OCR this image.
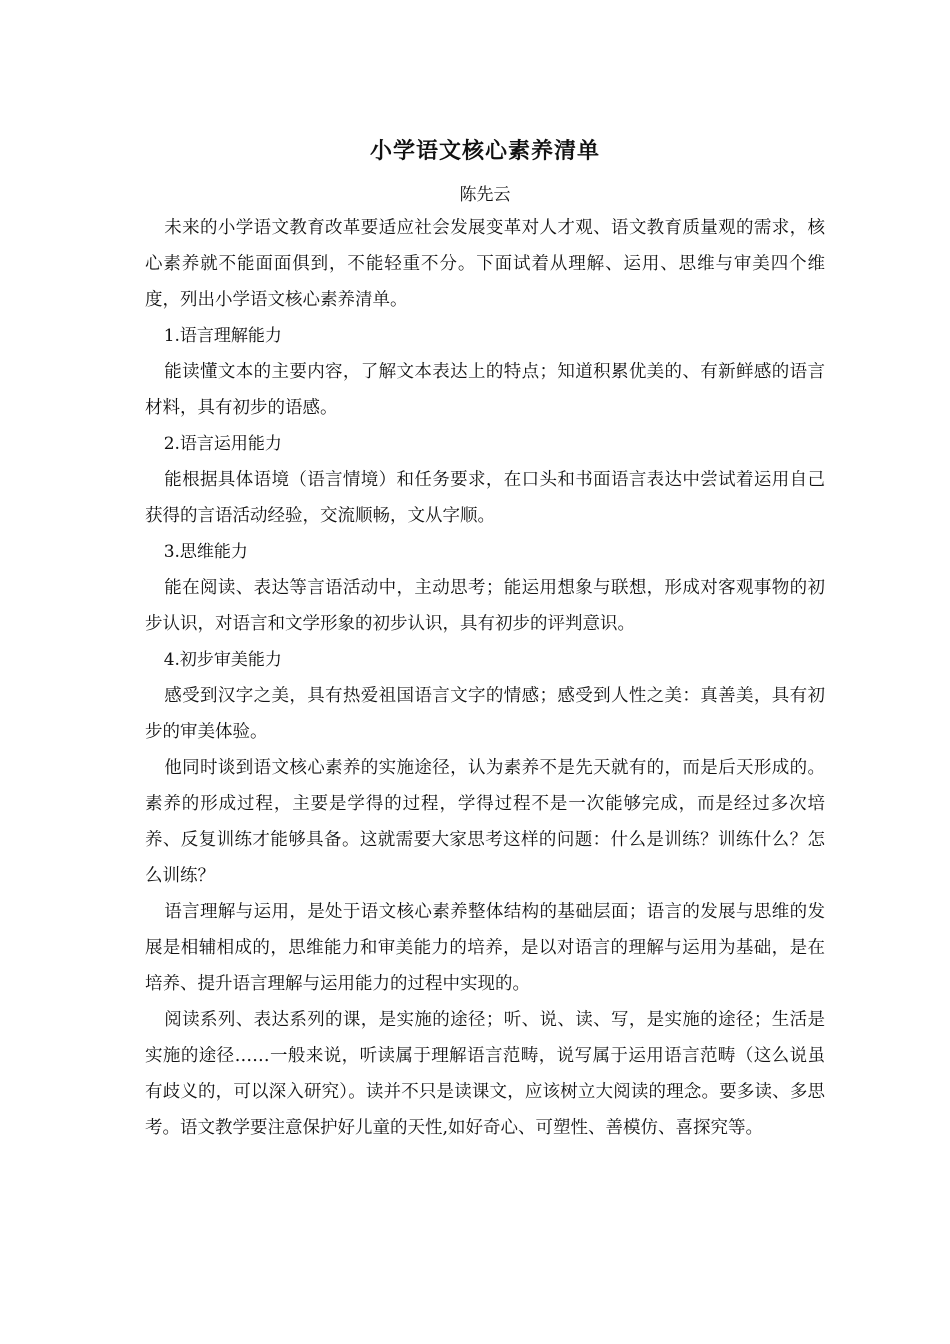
小学语文核心素养清单

陈先云

未来的小学语文教育改革要适应社会发展变革对人才观、语文教育质量观的需求，核心素养就不能面面俱到，不能轻重不分。下面试着从理解、运用、思维与审美四个维度，列出小学语文核心素养清单。

1.语言理解能力

能读懂文本的主要内容，了解文本表达上的特点；知道积累优美的、有新鲜感的语言材料，具有初步的语感。

2.语言运用能力

能根据具体语境（语言情境）和任务要求，在口头和书面语言表达中尝试着运用自己获得的言语活动经验，交流顺畅，文从字顺。

3.思维能力

能在阅读、表达等言语活动中，主动思考；能运用想象与联想，形成对客观事物的初步认识，对语言和文学形象的初步认识，具有初步的评判意识。

4.初步审美能力

感受到汉字之美，具有热爱祖国语言文字的情感；感受到人性之美：真善美，具有初步的审美体验。

他同时谈到语文核心素养的实施途径，认为素养不是先天就有的，而是后天形成的。素养的形成过程，主要是学得的过程，学得过程不是一次能够完成，而是经过多次培养、反复训练才能够具备。这就需要大家思考这样的问题：什么是训练？训练什么？怎么训练？

语言理解与运用，是处于语文核心素养整体结构的基础层面；语言的发展与思维的发展是相辅相成的，思维能力和审美能力的培养，是以对语言的理解与运用为基础，是在培养、提升语言理解与运用能力的过程中实现的。

阅读系列、表达系列的课，是实施的途径；听、说、读、写，是实施的途径；生活是实施的途径……一般来说，听读属于理解语言范畴，说写属于运用语言范畴（这么说虽有歧义的，可以深入研究）。读并不只是读课文，应该树立大阅读的理念。要多读、多思考。语文教学要注意保护好儿童的天性,如好奇心、可塑性、善模仿、喜探究等。
